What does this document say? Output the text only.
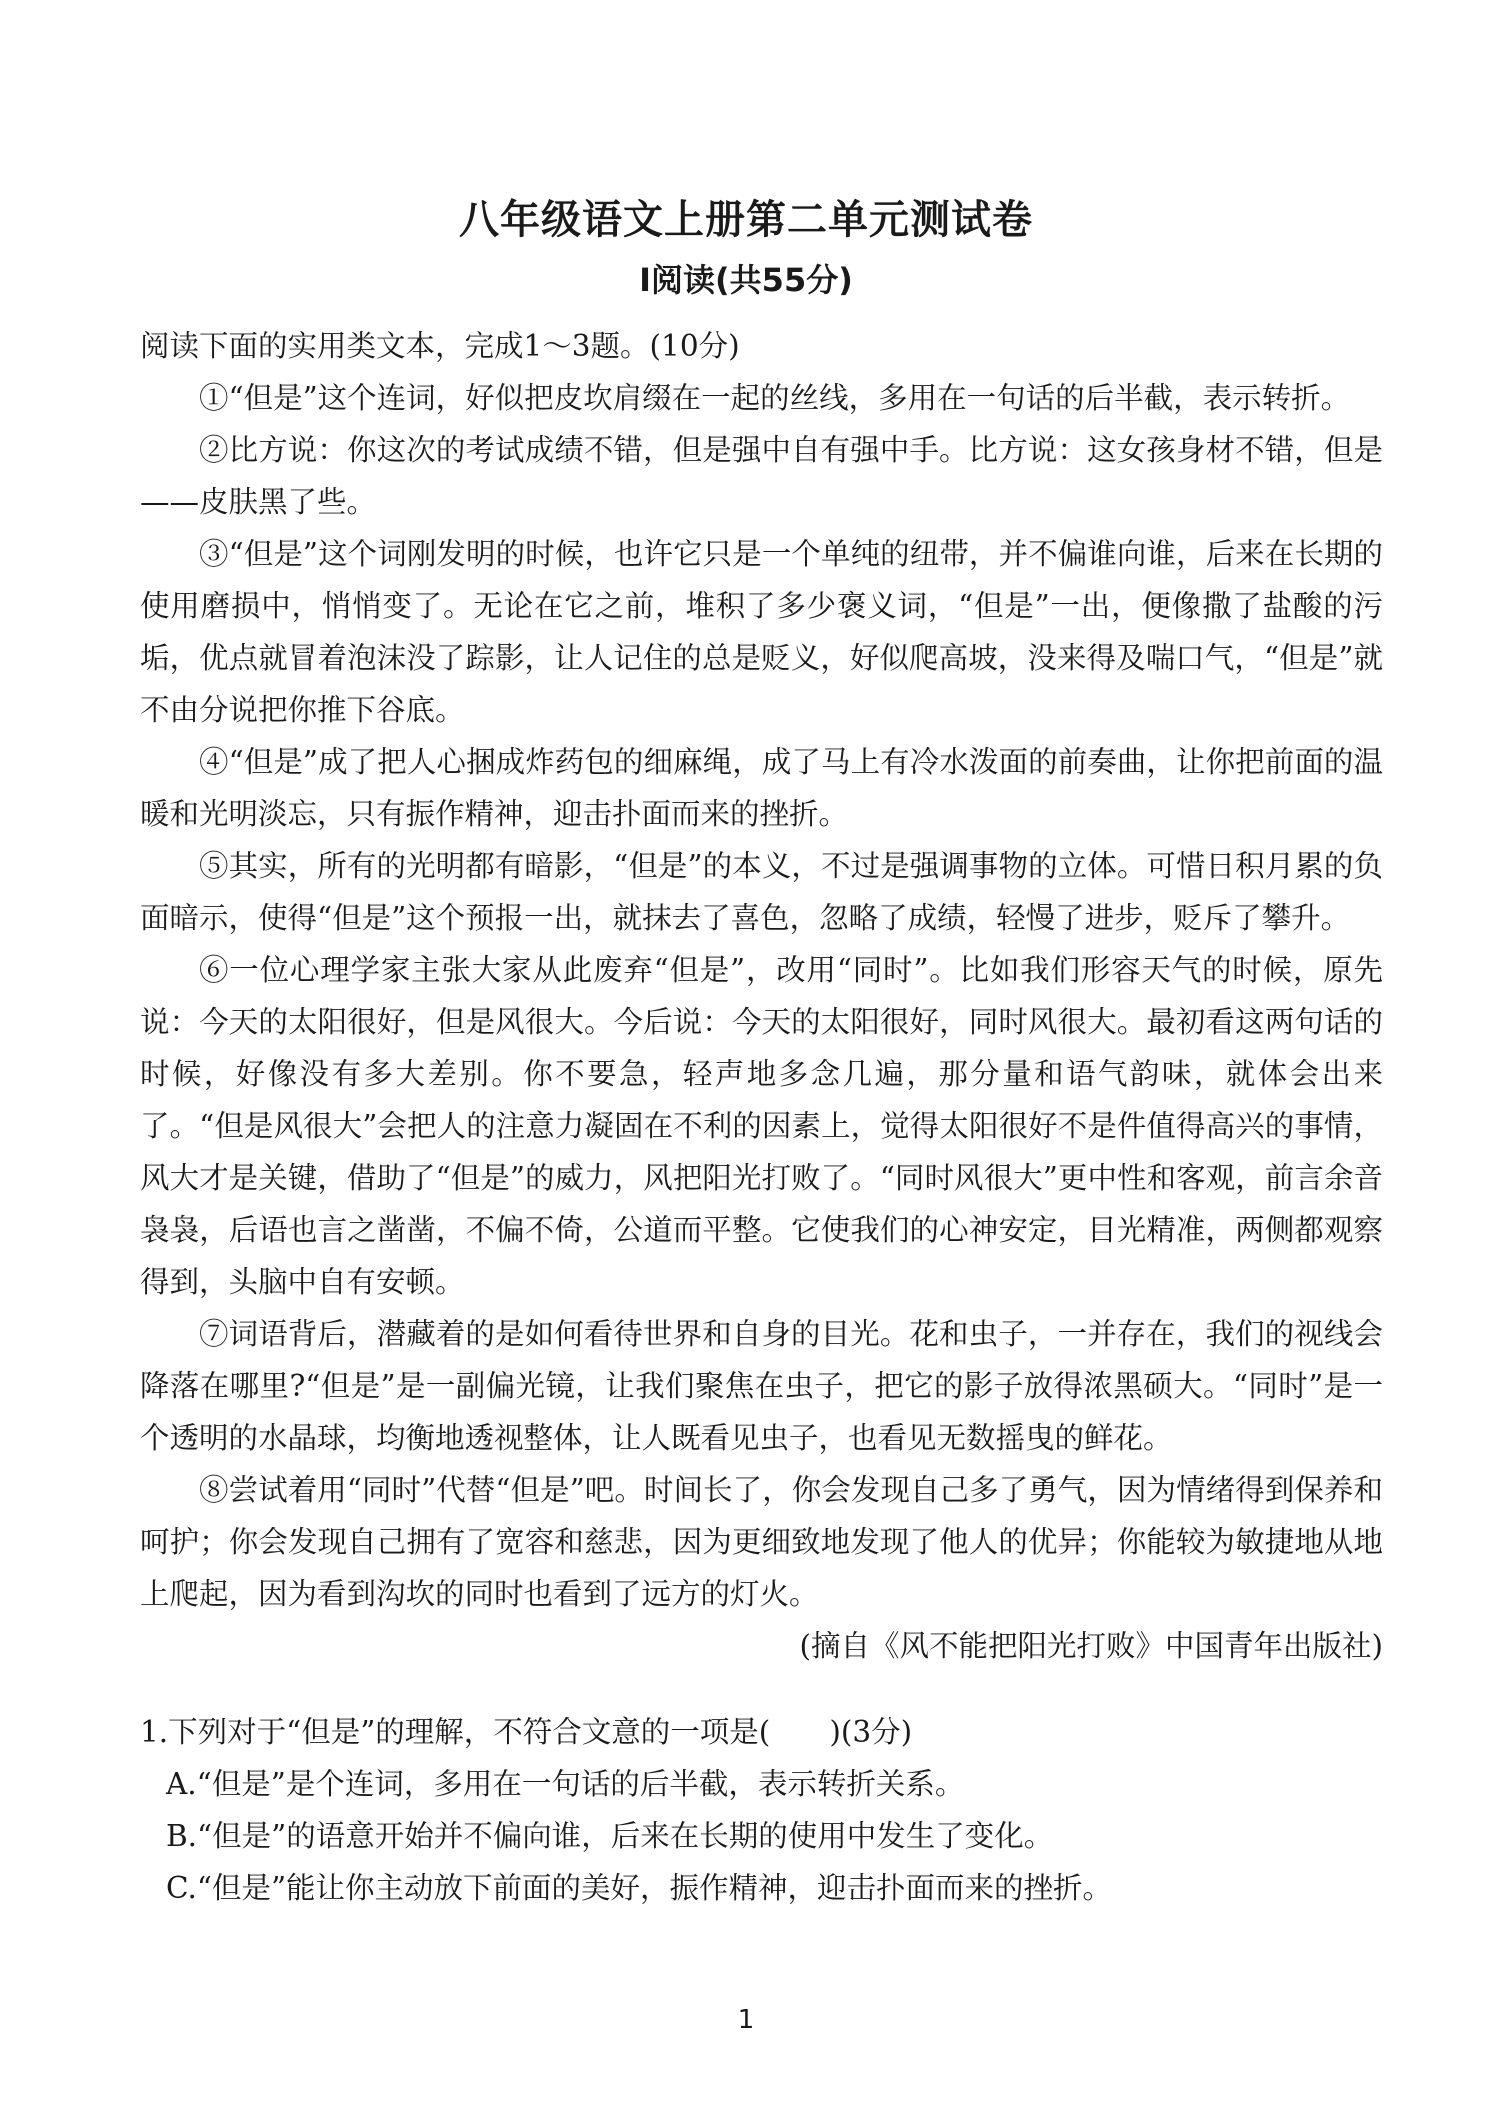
八年级语文上册第二单元测试卷
Ⅰ阅读(共55分)

阅读下面的实用类文本，完成1～3题。(10分)

①“但是”这个连词，好似把皮坎肩缀在一起的丝线，多用在一句话的后半截，表示转折。

②比方说：你这次的考试成绩不错，但是强中自有强中手。比方说：这女孩身材不错，但是——皮肤黑了些。

③“但是”这个词刚发明的时候，也许它只是一个单纯的纽带，并不偏谁向谁，后来在长期的使用磨损中，悄悄变了。无论在它之前，堆积了多少褒义词，“但是”一出，便像撒了盐酸的污垢，优点就冒着泡沫没了踪影，让人记住的总是贬义，好似爬高坡，没来得及喘口气，“但是”就不由分说把你推下谷底。

④“但是”成了把人心捆成炸药包的细麻绳，成了马上有冷水泼面的前奏曲，让你把前面的温暖和光明淡忘，只有振作精神，迎击扑面而来的挫折。

⑤其实，所有的光明都有暗影，“但是”的本义，不过是强调事物的立体。可惜日积月累的负面暗示，使得“但是”这个预报一出，就抹去了喜色，忽略了成绩，轻慢了进步，贬斥了攀升。

⑥一位心理学家主张大家从此废弃“但是”，改用“同时”。比如我们形容天气的时候，原先说：今天的太阳很好，但是风很大。今后说：今天的太阳很好，同时风很大。最初看这两句话的时候，好像没有多大差别。你不要急，轻声地多念几遍，那分量和语气韵味，就体会出来了。“但是风很大”会把人的注意力凝固在不利的因素上，觉得太阳很好不是件值得高兴的事情，风大才是关键，借助了“但是”的威力，风把阳光打败了。“同时风很大”更中性和客观，前言余音袅袅，后语也言之凿凿，不偏不倚，公道而平整。它使我们的心神安定，目光精准，两侧都观察得到，头脑中自有安顿。

⑦词语背后，潜藏着的是如何看待世界和自身的目光。花和虫子，一并存在，我们的视线会降落在哪里?“但是”是一副偏光镜，让我们聚焦在虫子，把它的影子放得浓黑硕大。“同时”是一个透明的水晶球，均衡地透视整体，让人既看见虫子，也看见无数摇曳的鲜花。

⑧尝试着用“同时”代替“但是”吧。时间长了，你会发现自己多了勇气，因为情绪得到保养和呵护；你会发现自己拥有了宽容和慈悲，因为更细致地发现了他人的优异；你能较为敏捷地从地上爬起，因为看到沟坎的同时也看到了远方的灯火。

(摘自《风不能把阳光打败》中国青年出版社)

1.下列对于“但是”的理解，不符合文意的一项是(　　)(3分)

A.“但是”是个连词，多用在一句话的后半截，表示转折关系。

B.“但是”的语意开始并不偏向谁，后来在长期的使用中发生了变化。

C.“但是”能让你主动放下前面的美好，振作精神，迎击扑面而来的挫折。

1
